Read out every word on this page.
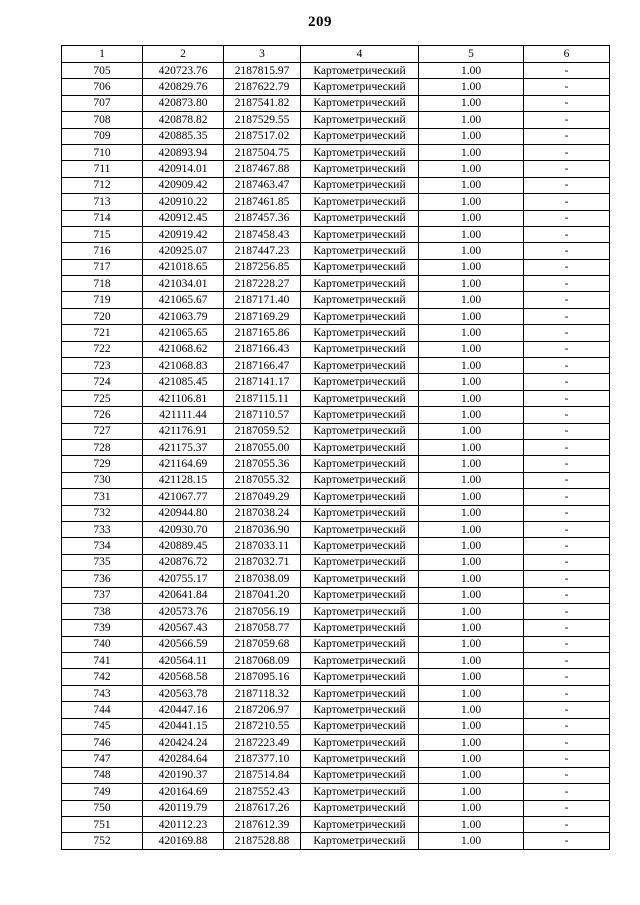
209
1	2	3	4	5	6
705	420723.76	2187815.97	Картометрический	1.00	-
706	420829.76	2187622.79	Картометрический	1.00	-
707	420873.80	2187541.82	Картометрический	1.00	-
708	420878.82	2187529.55	Картометрический	1.00	-
709	420885.35	2187517.02	Картометрический	1.00	-
710	420893.94	2187504.75	Картометрический	1.00	-
711	420914.01	2187467.88	Картометрический	1.00	-
712	420909.42	2187463.47	Картометрический	1.00	-
713	420910.22	2187461.85	Картометрический	1.00	-
714	420912.45	2187457.36	Картометрический	1.00	-
715	420919.42	2187458.43	Картометрический	1.00	-
716	420925.07	2187447.23	Картометрический	1.00	-
717	421018.65	2187256.85	Картометрический	1.00	-
718	421034.01	2187228.27	Картометрический	1.00	-
719	421065.67	2187171.40	Картометрический	1.00	-
720	421063.79	2187169.29	Картометрический	1.00	-
721	421065.65	2187165.86	Картометрический	1.00	-
722	421068.62	2187166.43	Картометрический	1.00	-
723	421068.83	2187166.47	Картометрический	1.00	-
724	421085.45	2187141.17	Картометрический	1.00	-
725	421106.81	2187115.11	Картометрический	1.00	-
726	421111.44	2187110.57	Картометрический	1.00	-
727	421176.91	2187059.52	Картометрический	1.00	-
728	421175.37	2187055.00	Картометрический	1.00	-
729	421164.69	2187055.36	Картометрический	1.00	-
730	421128.15	2187055.32	Картометрический	1.00	-
731	421067.77	2187049.29	Картометрический	1.00	-
732	420944.80	2187038.24	Картометрический	1.00	-
733	420930.70	2187036.90	Картометрический	1.00	-
734	420889.45	2187033.11	Картометрический	1.00	-
735	420876.72	2187032.71	Картометрический	1.00	-
736	420755.17	2187038.09	Картометрический	1.00	-
737	420641.84	2187041.20	Картометрический	1.00	-
738	420573.76	2187056.19	Картометрический	1.00	-
739	420567.43	2187058.77	Картометрический	1.00	-
740	420566.59	2187059.68	Картометрический	1.00	-
741	420564.11	2187068.09	Картометрический	1.00	-
742	420568.58	2187095.16	Картометрический	1.00	-
743	420563.78	2187118.32	Картометрический	1.00	-
744	420447.16	2187206.97	Картометрический	1.00	-
745	420441.15	2187210.55	Картометрический	1.00	-
746	420424.24	2187223.49	Картометрический	1.00	-
747	420284.64	2187377.10	Картометрический	1.00	-
748	420190.37	2187514.84	Картометрический	1.00	-
749	420164.69	2187552.43	Картометрический	1.00	-
750	420119.79	2187617.26	Картометрический	1.00	-
751	420112.23	2187612.39	Картометрический	1.00	-
752	420169.88	2187528.88	Картометрический	1.00	-
